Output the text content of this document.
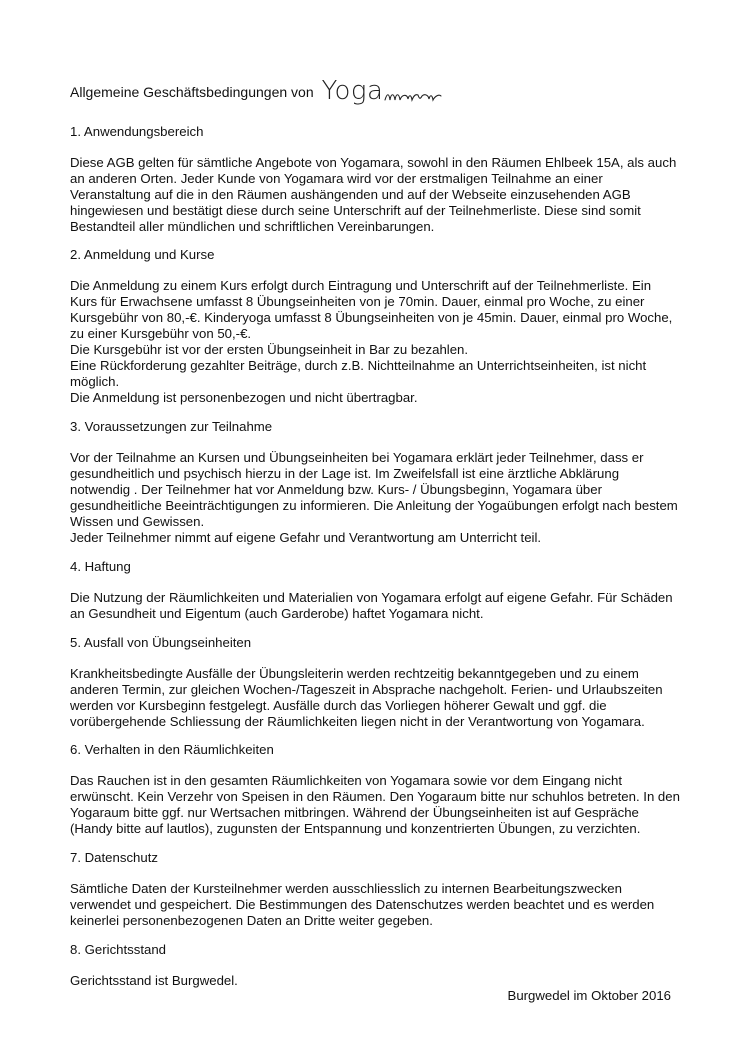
Allgemeine Geschäftsbedingungen von Yoga

1. Anwendungsbereich

Diese AGB gelten für sämtliche Angebote von Yogamara, sowohl in den Räumen Ehlbeek 15A, als auch an anderen Orten. Jeder Kunde von Yogamara wird vor der erstmaligen Teilnahme an einer Veranstaltung auf die in den Räumen aushängenden und auf der Webseite einzusehenden AGB hingewiesen und bestätigt diese durch seine Unterschrift auf der Teilnehmerliste. Diese sind somit Bestandteil aller mündlichen und schriftlichen Vereinbarungen.

2. Anmeldung und Kurse

Die Anmeldung zu einem Kurs erfolgt durch Eintragung und Unterschrift auf der Teilnehmerliste. Ein Kurs für Erwachsene umfasst 8 Übungseinheiten von je 70min. Dauer, einmal pro Woche, zu einer Kursgebühr von 80,-€. Kinderyoga umfasst 8 Übungseinheiten von je 45min. Dauer, einmal pro Woche, zu einer Kursgebühr von 50,-€.

Die Kursgebühr ist vor der ersten Übungseinheit in Bar zu bezahlen.

Eine Rückforderung gezahlter Beiträge, durch z.B. Nichtteilnahme an Unterrichtseinheiten, ist nicht möglich.

Die Anmeldung ist personenbezogen und nicht übertragbar.

3. Voraussetzungen zur Teilnahme

Vor der Teilnahme an Kursen und Übungseinheiten bei Yogamara erklärt jeder Teilnehmer, dass er gesundheitlich und psychisch hierzu in der Lage ist. Im Zweifelsfall ist eine ärztliche Abklärung notwendig . Der Teilnehmer hat vor Anmeldung bzw. Kurs- / Übungsbeginn, Yogamara über gesundheitliche Beeinträchtigungen zu informieren. Die Anleitung der Yogaübungen erfolgt nach bestem Wissen und Gewissen.

Jeder Teilnehmer nimmt auf eigene Gefahr und Verantwortung am Unterricht teil.

4. Haftung

Die Nutzung der Räumlichkeiten und Materialien von Yogamara erfolgt auf eigene Gefahr. Für Schäden an Gesundheit und Eigentum (auch Garderobe) haftet Yogamara nicht.

5. Ausfall von Übungseinheiten

Krankheitsbedingte Ausfälle der Übungsleiterin werden rechtzeitig bekanntgegeben und zu einem anderen Termin, zur gleichen Wochen-/Tageszeit in Absprache nachgeholt. Ferien- und Urlaubszeiten werden vor Kursbeginn festgelegt. Ausfälle durch das Vorliegen höherer Gewalt und ggf. die vorübergehende Schliessung der Räumlichkeiten liegen nicht in der Verantwortung von Yogamara.

6. Verhalten in den Räumlichkeiten

Das Rauchen ist in den gesamten Räumlichkeiten von Yogamara sowie vor dem Eingang nicht erwünscht. Kein Verzehr von Speisen in den Räumen. Den Yogaraum bitte nur schuhlos betreten. In den Yogaraum bitte ggf. nur Wertsachen mitbringen. Während der Übungseinheiten ist auf Gespräche (Handy bitte auf lautlos), zugunsten der Entspannung und konzentrierten Übungen, zu verzichten.

7. Datenschutz

Sämtliche Daten der Kursteilnehmer werden ausschliesslich zu internen Bearbeitungszwecken verwendet und gespeichert. Die Bestimmungen des Datenschutzes werden beachtet und es werden keinerlei personenbezogenen Daten an Dritte weiter gegeben.

8. Gerichtsstand

Gerichtsstand ist Burgwedel.

Burgwedel im Oktober 2016
